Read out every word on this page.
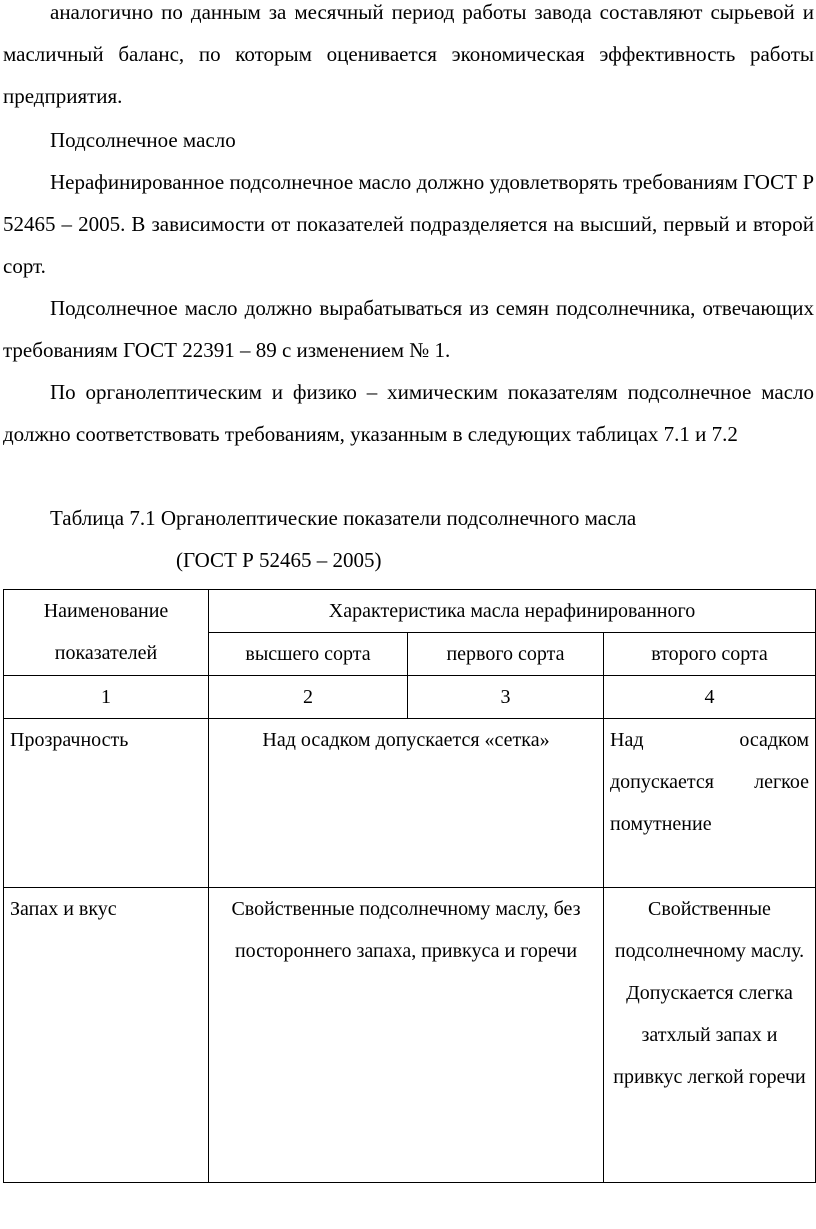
аналогично по данным за месячный период работы завода составляют сырьевой и масличный баланс, по которым оценивается экономическая эффективность работы предприятия.

Подсолнечное масло

Нерафинированное подсолнечное масло должно удовлетворять требованиям ГОСТ Р 52465 – 2005. В зависимости от показателей подразделяется на высший, первый и второй сорт.

Подсолнечное масло должно вырабатываться из семян подсолнечника, отвечающих требованиям ГОСТ 22391 – 89 с изменением № 1.

По органолептическим и физико – химическим показателям подсолнечное масло должно соответствовать требованиям, указанным в следующих таблицах 7.1 и 7.2

Таблица 7.1 Органолептические показатели подсолнечного масла

(ГОСТ Р 52465 – 2005)

Наименование показателей	Характеристика масла нерафинированного		
	высшего сорта	первого сорта	второго сорта
1	2	3	4
Прозрачность	Над осадком допускается «сетка»		Над осадком допускается легкое помутнение
Запах и вкус	Свойственные подсолнечному маслу, без постороннего запаха, привкуса и горечи		Свойственные подсолнечному маслу. Допускается слегка затхлый запах и привкус легкой горечи
